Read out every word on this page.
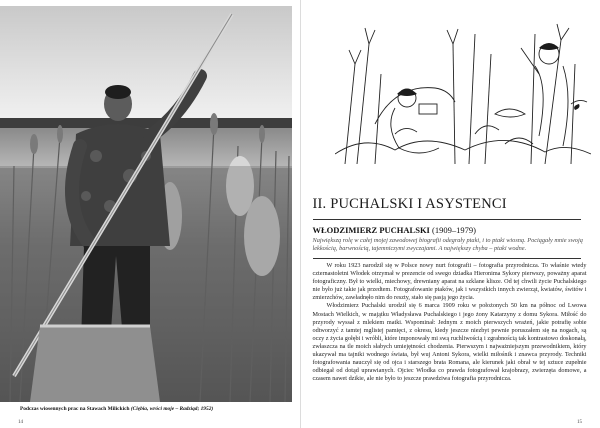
Podczas wiosennych prac na Stawach Milickich (Ciębia, wróci moje – Radziąd; 1952)
14
II. PUCHALSKI I ASYSTENCI
WŁODZIMIERZ PUCHALSKI (1909–1979)
Największą rolę w całej mojej zawodowej biografii odegrały ptaki, i to ptaki wiosną. Pociągały mnie swoją lekkością, barwnością, tajemniczymi zwyczajami. A największy chyba – ptaki wodne.

W roku 1923 narodził się w Polsce nowy nurt fotografii – fotografia przyrodnicza. To właśnie wtedy czternastoletni Włodek otrzymał w prezencie od swego dziadka Hieronima Sykory pierwszy, poważny aparat fotograficzny. Był to wielki, miechowy, drewniany aparat na szklane klisze. Od tej chwili życie Puchalskiego nie było już takie jak przedtem. Fotografowanie ptaków, jak i wszystkich innych zwierząt, kwiatów, świtów i zmierzchów, zawładnęło nim do reszty, stało się pasją jego życia.

Włodzimierz Puchalski urodził się 6 marca 1909 roku w położonych 50 km na północ od Lwowa Mostach Wielkich, w majątku Władysława Puchalskiego i jego żony Katarzyny z domu Sykora. Miłość do przyrody wyssał z mlekiem matki. Wspominał: Jednym z moich pierwszych wrażeń, jakie potrafię sobie odtworzyć z tamtej mglistej pamięci, z okresu, kiedy jeszcze niezbyt pewnie poruszałem się na nogach, są oczy z życia gołębi i wróbli, które imponowały mi swą ruchliwością i zgrabnością tak kontrastowo doskonałą, zwłaszcza na tle moich słabych umiejętności chodzenia. Pierwszym i najważniejszym przewodnikiem, który ukazywał ma tajniki wodnego świata, był wuj Antoni Sykora, wielki miłośnik i znawca przyrody. Techniki fotografowania nauczył się od ojca i starszego brata Romana, ale kierunek jaki obrał w tej sztuce zupełnie odbiegał od dotąd uprawianych. Ojciec Włodka co prawda fotografował krajobrazy, zwierzęta domowe, a czasem nawet dzikie, ale nie było to jeszcze prawdziwa fotografia przyrodnicza.

15
